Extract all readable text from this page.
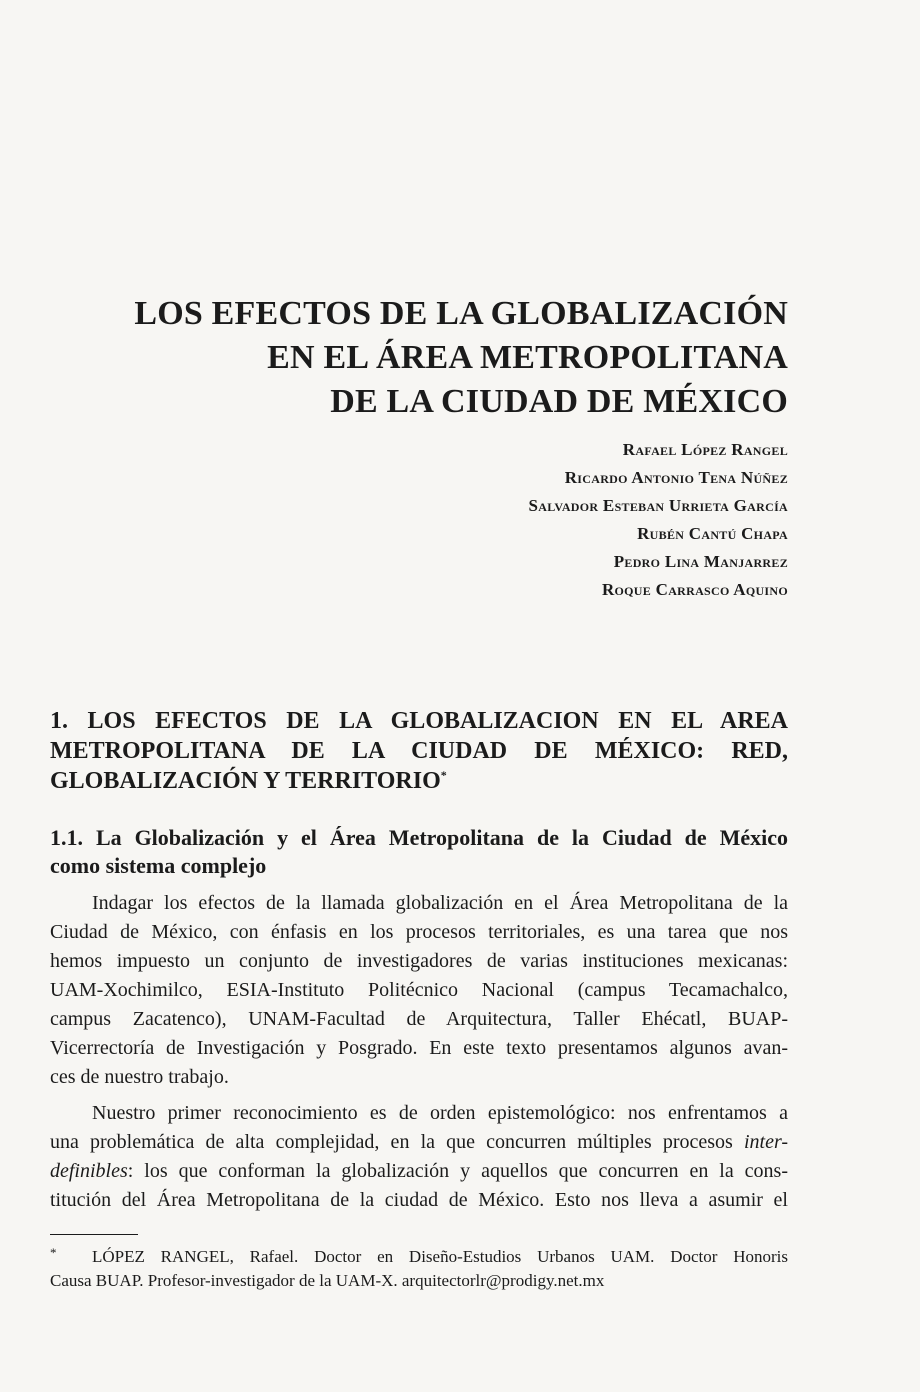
LOS EFECTOS DE LA GLOBALIZACIÓN
EN EL ÁREA METROPOLITANA
DE LA CIUDAD DE MÉXICO
Rafael López Rangel
Ricardo Antonio Tena Núñez
Salvador Esteban Urrieta García
Rubén Cantú Chapa
Pedro Lina Manjarrez
Roque Carrasco Aquino
1. LOS EFECTOS DE LA GLOBALIZACION EN EL AREA
METROPOLITANA DE LA CIUDAD DE MÉXICO: RED,
GLOBALIZACIÓN Y TERRITORIO*
1.1. La Globalización y el Área Metropolitana de la Ciudad de México
como sistema complejo
Indagar los efectos de la llamada globalización en el Área Metropolitana de la
Ciudad de México, con énfasis en los procesos territoriales, es una tarea que nos
hemos impuesto un conjunto de investigadores de varias instituciones mexicanas:
UAM-Xochimilco, ESIA-Instituto Politécnico Nacional (campus Tecamachalco,
campus Zacatenco), UNAM-Facultad de Arquitectura, Taller Ehécatl, BUAP-
Vicerrectoría de Investigación y Posgrado. En este texto presentamos algunos avan-
ces de nuestro trabajo.
Nuestro primer reconocimiento es de orden epistemológico: nos enfrentamos a
una problemática de alta complejidad, en la que concurren múltiples procesos inter-
definibles: los que conforman la globalización y aquellos que concurren en la cons-
titución del Área Metropolitana de la ciudad de México. Esto nos lleva a asumir el
* LÓPEZ RANGEL, Rafael. Doctor en Diseño-Estudios Urbanos UAM. Doctor Honoris
Causa BUAP. Profesor-investigador de la UAM-X. arquitectorlr@prodigy.net.mx
